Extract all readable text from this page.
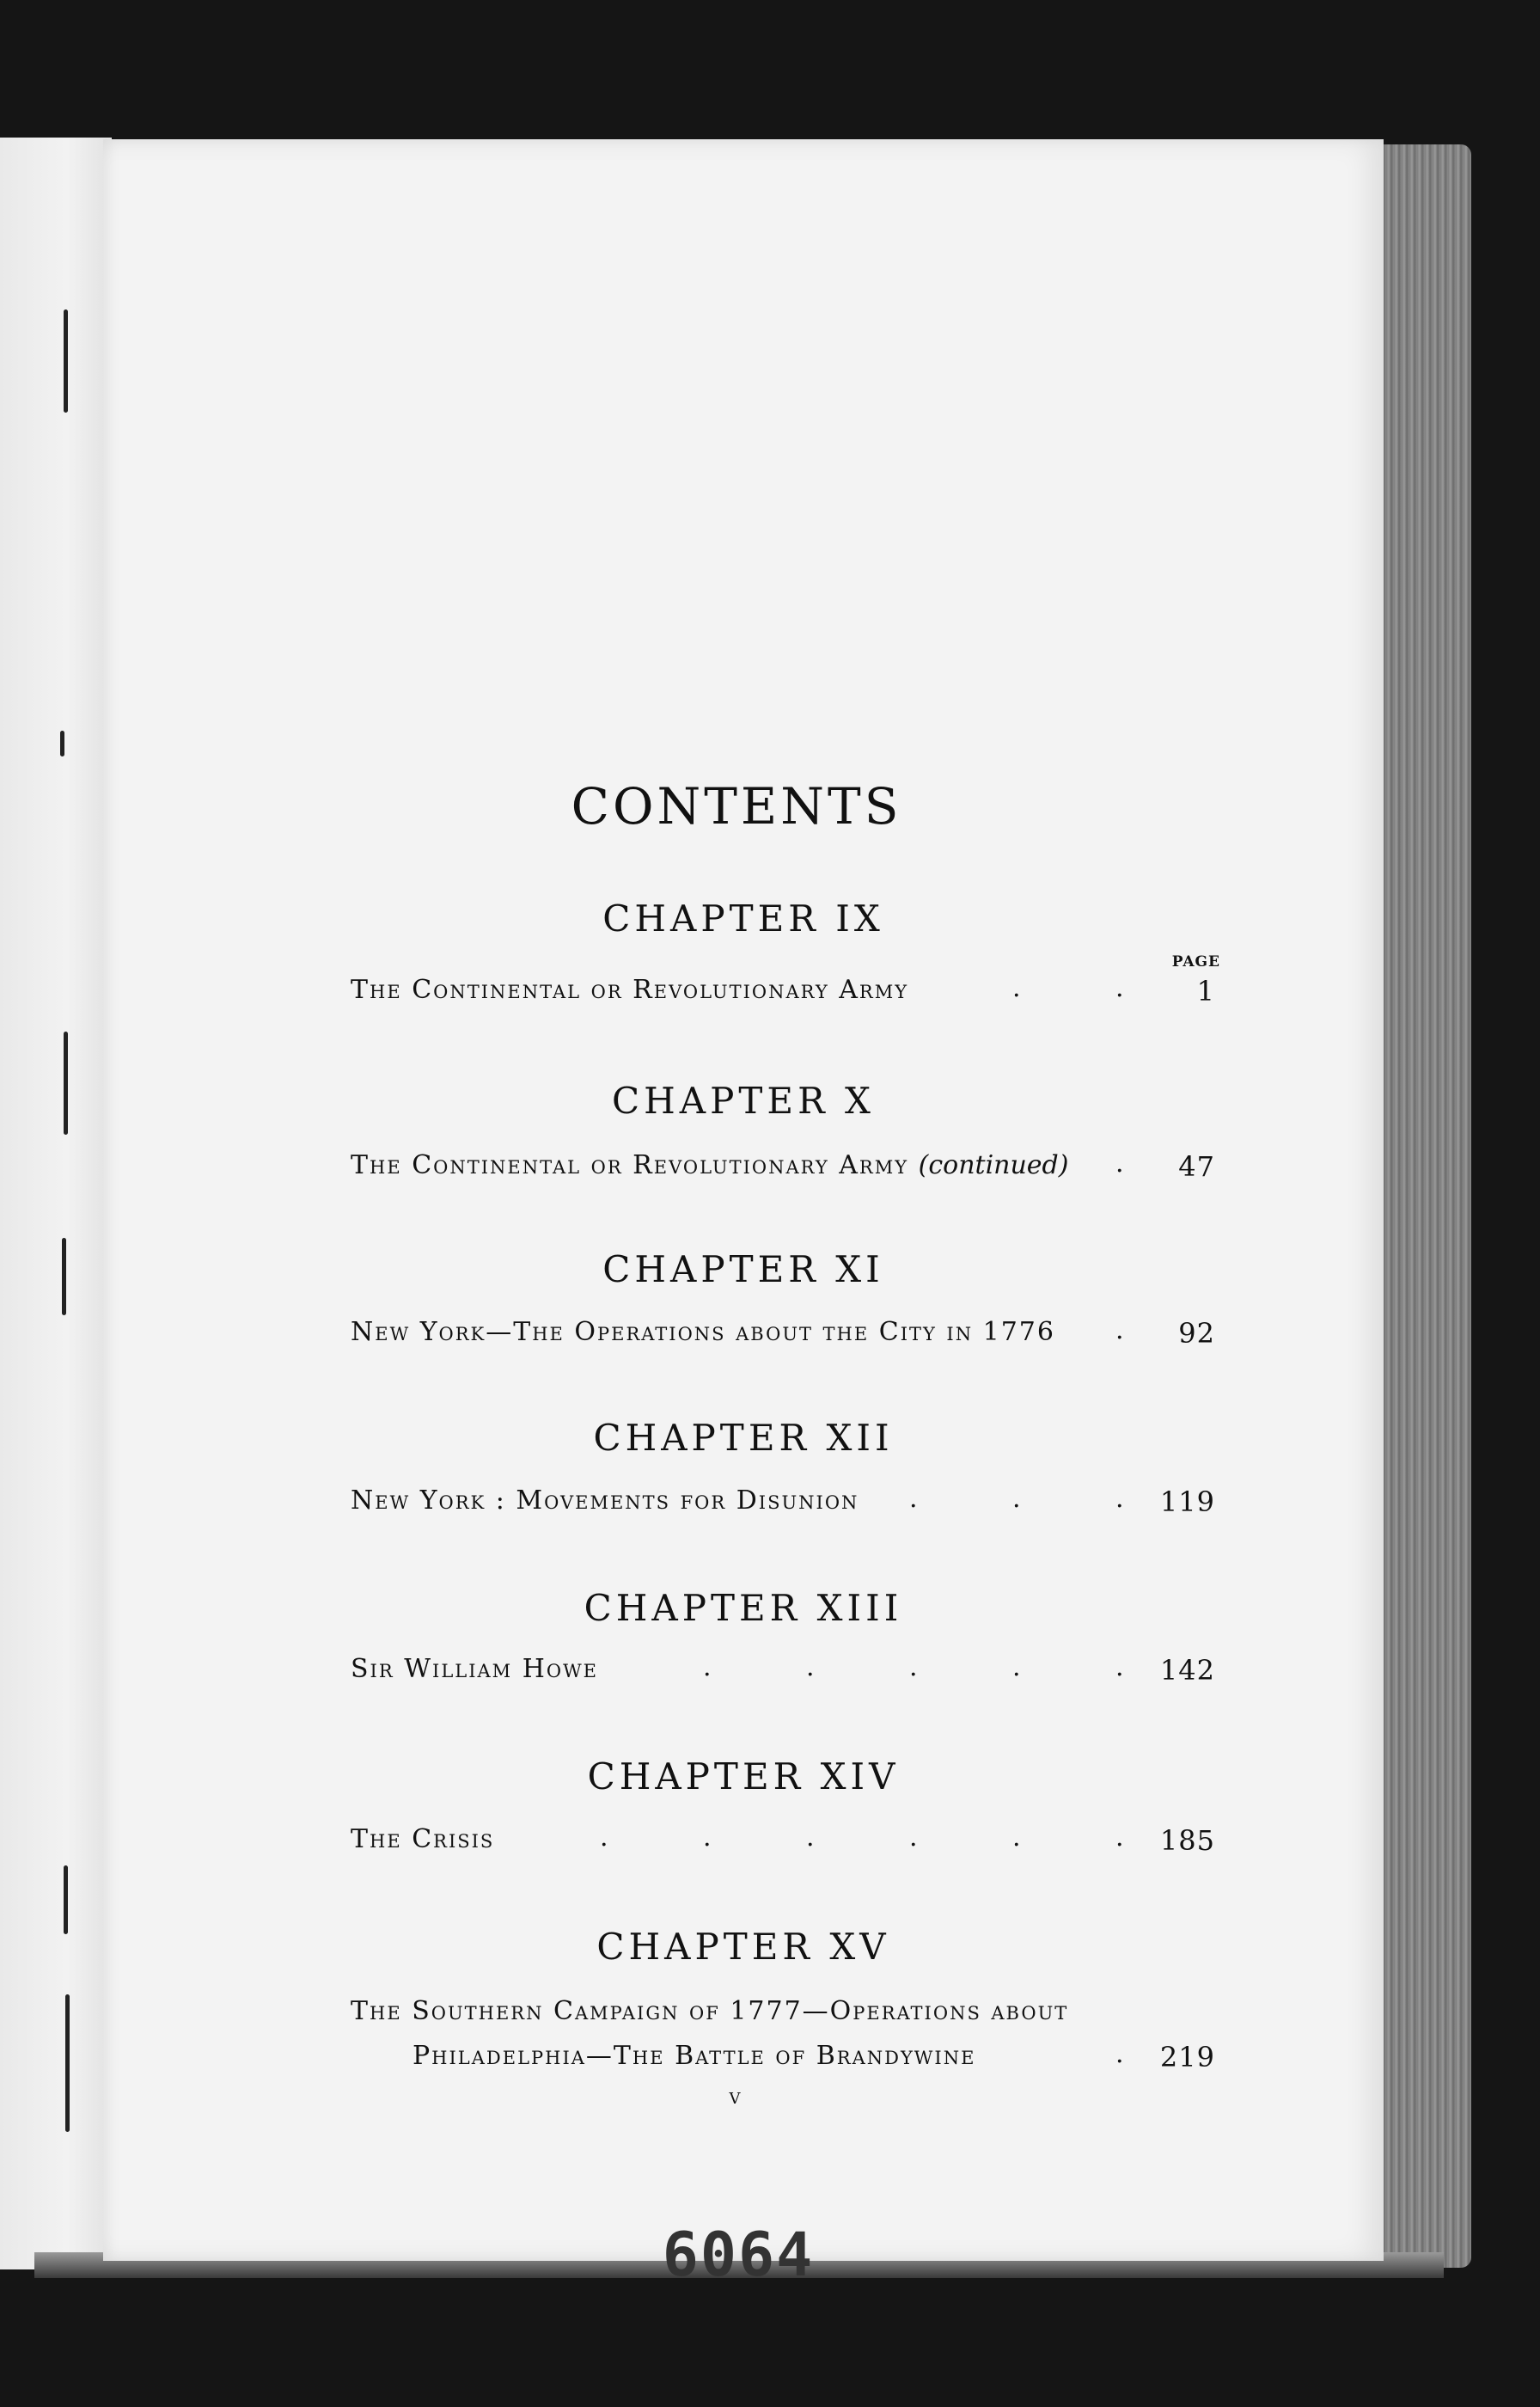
CONTENTS
CHAPTER IX
PAGE
The Continental or Revolutionary Army	.	.	1
CHAPTER X
The Continental or Revolutionary Army (continued) . 47
CHAPTER XI
New York—The Operations about the City in 1776 . 92
CHAPTER XII
New York : Movements for Disunion .	.	. 119
CHAPTER XIII
Sir William Howe	.	.	.	.	. 142
CHAPTER XIV
The Crisis	.	.	.	.	.	. 185
CHAPTER XV
The Southern Campaign of 1777—Operations about
Philadelphia—The Battle of Brandywine	. 219
v
6064
